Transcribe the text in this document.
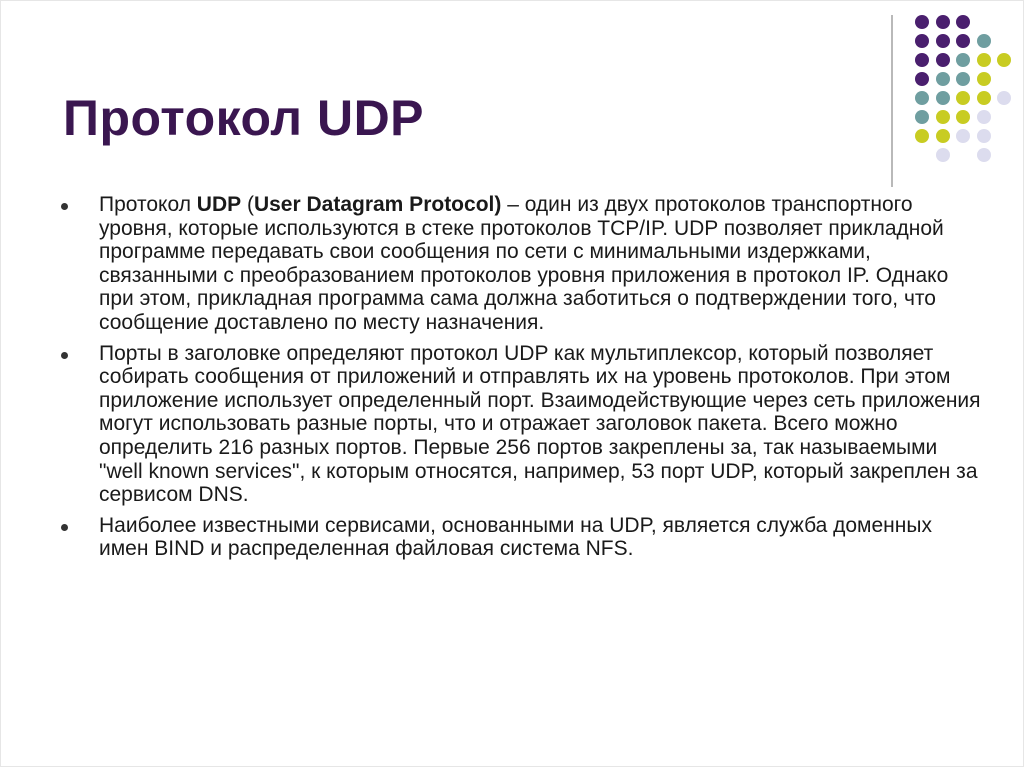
Протокол UDP
Протокол UDP (User Datagram Protocol) – один из двух протоколов транспортного уровня, которые используются в стеке протоколов TCP/IP. UDP позволяет прикладной программе передавать свои сообщения по сети с минимальными издержками, связанными с преобразованием протоколов уровня приложения в протокол IP. Однако при этом, прикладная программа сама должна заботиться о подтверждении того, что сообщение доставлено по месту назначения.
Порты в заголовке определяют протокол UDP как мультиплексор, который позволяет собирать сообщения от приложений и отправлять их на уровень протоколов. При этом приложение использует определенный порт. Взаимодействующие через сеть приложения могут использовать разные порты, что и отражает заголовок пакета. Всего можно определить 216 разных портов. Первые 256 портов закреплены за, так называемыми "well known services", к которым относятся, например, 53 порт UDP, который закреплен за сервисом DNS.
Наиболее известными сервисами, основанными на UDP, является служба доменных имен BIND и распределенная файловая система NFS.
